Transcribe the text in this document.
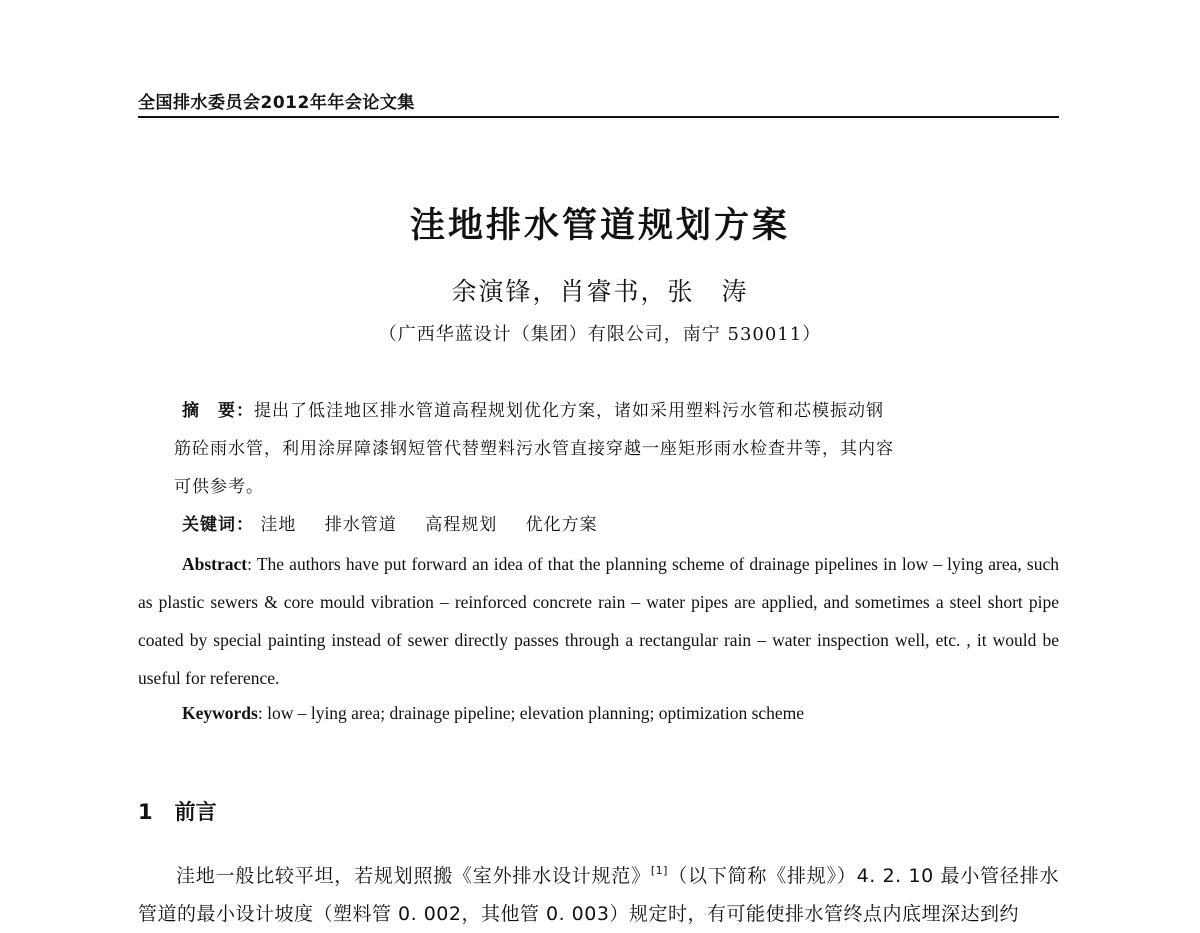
全国排水委员会2012年年会论文集
洼地排水管道规划方案
余演锋，肖睿书，张　涛
（广西华蓝设计（集团）有限公司，南宁 530011）
摘　要：提出了低洼地区排水管道高程规划优化方案，诸如采用塑料污水管和芯模振动钢
筋砼雨水管，利用涂屏障漆钢短管代替塑料污水管直接穿越一座矩形雨水检查井等，其内容
可供参考。
关键词： 洼地 排水管道 高程规划 优化方案
Abstract: The authors have put forward an idea of that the planning scheme of drainage pipelines in low – lying area, such as plastic sewers & core mould vibration – reinforced concrete rain – water pipes are applied, and sometimes a steel short pipe coated by special painting instead of sewer directly passes through a rectangular rain – water inspection well, etc. , it would be useful for reference.
Keywords: low – lying area; drainage pipeline; elevation planning; optimization scheme
1 前言
洼地一般比较平坦，若规划照搬《室外排水设计规范》[1]（以下简称《排规》）4. 2. 10 最小管径排水管道的最小设计坡度（塑料管 0. 002，其他管 0. 003）规定时，有可能使排水管终点内底埋深达到约
